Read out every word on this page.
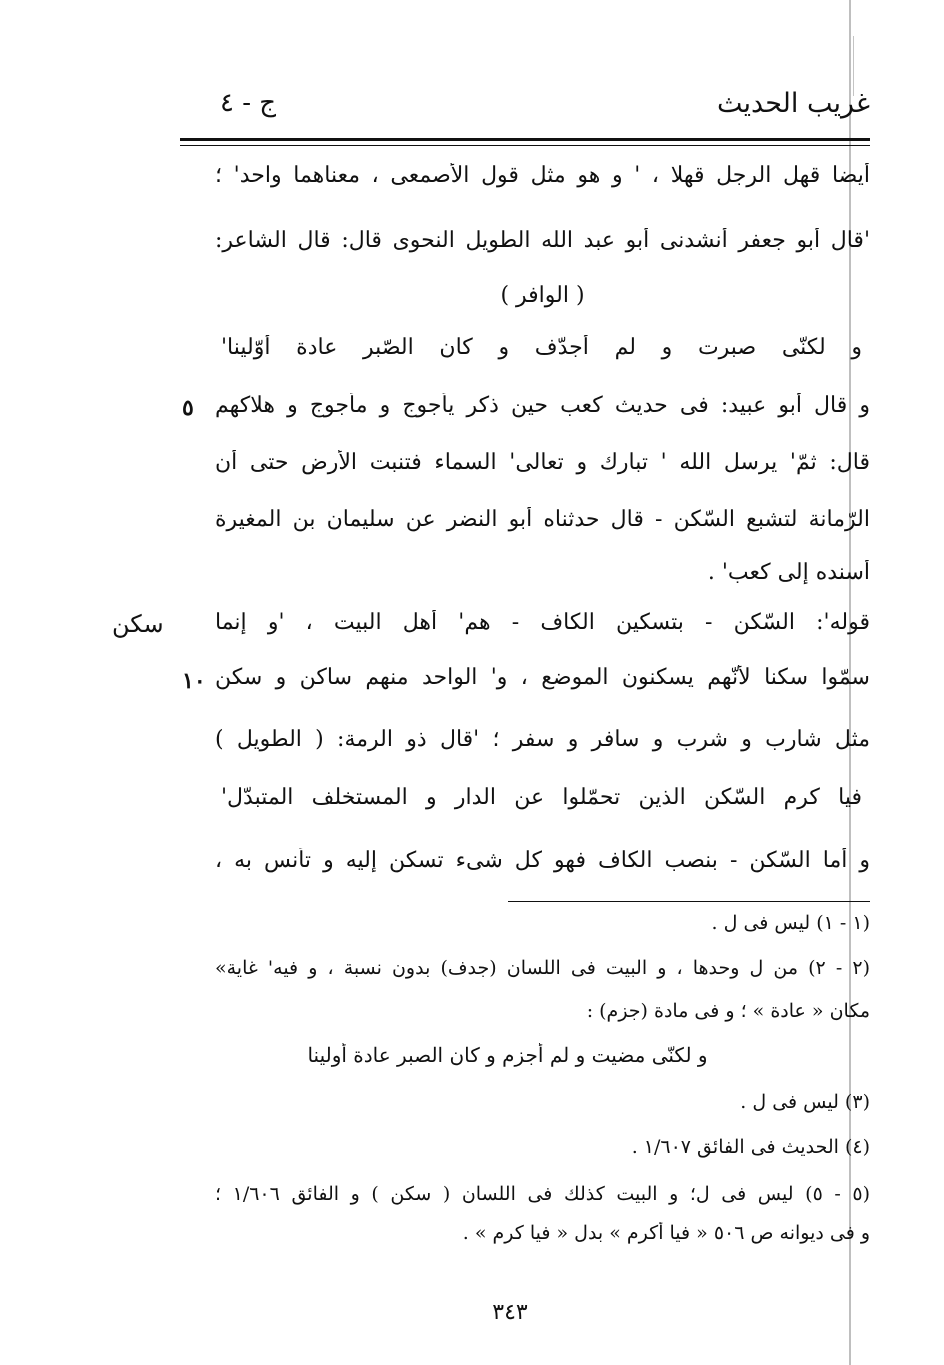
غريب الحديث
ج - ٤
أيضا قهل الرجل قهلا ، ' و هو مثل قول الأصمعى ، معناهما واحد' ؛
'قال أبو جعفر أنشدنى أبو عبد الله الطويل النحوى قال: قال الشاعر:
( الوافر )
و لكنّى صبرت و لم أجدّف و كان الصّبر عادة أوّلينا'
و قال أبو عبيد: فى حديث كعب حين ذكر يأجوج و مأجوج و هلاكهم
قال: ثمّ' يرسل الله ' تبارك و تعالى' السماء فتنبت الأرض حتى أن
الرّمانة لتشبع السّكن - قال حدثناه أبو النضر عن سليمان بن المغيرة
أسنده إلى كعب' .
قوله': السّكن - بتسكين الكاف - هم' أهل البيت ، 'و إنما
سمّوا سكنا لأنّهم يسكنون الموضع ، و' الواحد منهم ساكن و سكن
مثل شارب و شرب و سافر و سفر ؛ 'قال ذو الرمة: ( الطويل )
فيا كرم السّكن الذين تحمّلوا عن الدار و المستخلف المتبدّل'
و أما السّكن - بنصب الكاف فهو كل شىء تسكن إليه و تأنس به ،
٥
١٠
سكن
(١ - ١) ليس فى ل .
(٢ - ٢) من ل وحدها ، و البيت فى اللسان (جدف) بدون نسبة ، و فيه' غاية»
مكان « عادة » ؛ و فى مادة (جزم) :
و لكنّى مضيت و لم أجزم و كان الصبر عادة أولينا
(٣) ليس فى ل .
(٤) الحديث فى الفائق ١/٦٠٧ .
(٥ - ٥) ليس فى ل؛ و البيت كذلك فى اللسان ( سكن ) و الفائق ١/٦٠٦ ؛
و فى ديوانه ص ٥٠٦ « فيا أكرم » بدل « فيا كرم » .
٣٤٣
